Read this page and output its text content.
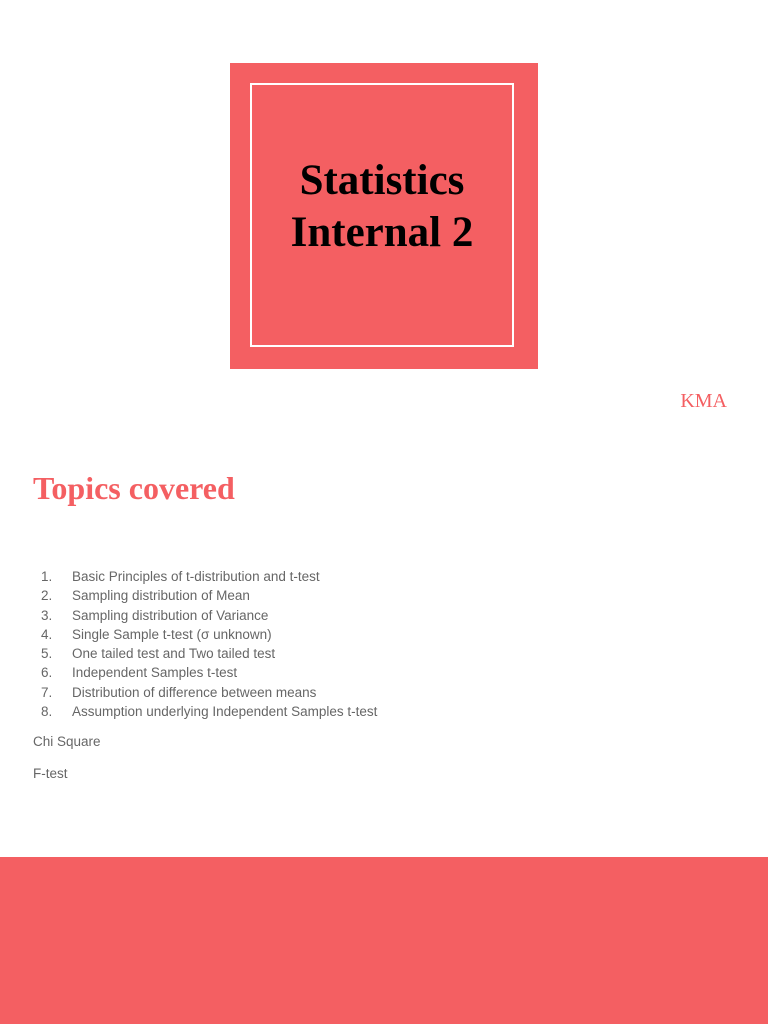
Statistics
Internal 2
KMA
Topics covered
1.	Basic Principles of t-distribution and t-test
2.	Sampling distribution of Mean
3.	Sampling distribution of Variance
4.	Single Sample t-test (σ unknown)
5.	One tailed test and Two tailed test
6.	Independent Samples t-test
7.	Distribution of difference between means
8.	Assumption underlying Independent Samples t-test

Chi Square

F-test
